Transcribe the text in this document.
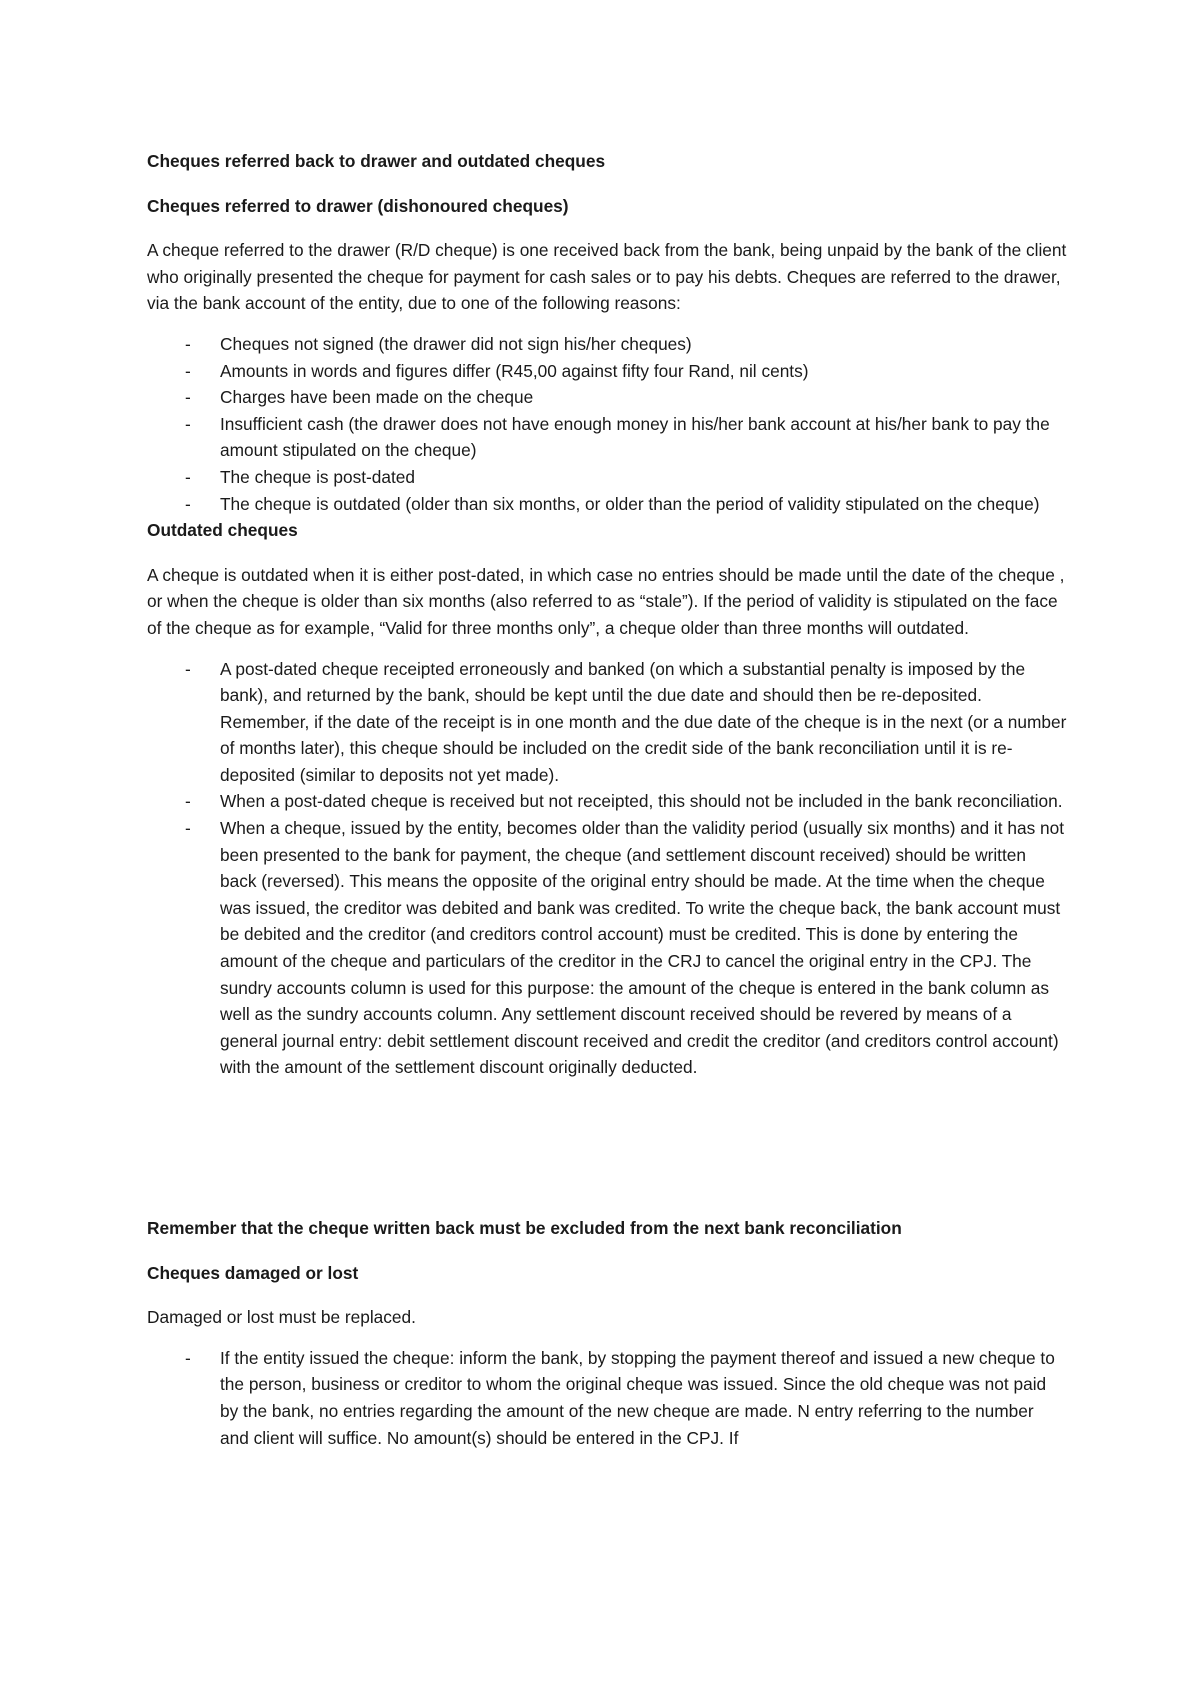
Cheques referred back to drawer and outdated cheques
Cheques referred to drawer (dishonoured cheques)
A cheque referred to the drawer (R/D cheque) is one received back from the bank, being unpaid by the bank of the client who originally presented the cheque for payment for cash sales or to pay his debts. Cheques are referred to the drawer, via the bank account of the entity, due to one of the following reasons:
- Cheques not signed (the drawer did not sign his/her cheques)
- Amounts in words and figures differ (R45,00 against fifty four Rand, nil cents)
- Charges have been made on the cheque
- Insufficient cash (the drawer does not have enough money in his/her bank account at his/her bank to pay the amount stipulated on the cheque)
- The cheque is post-dated
- The cheque is outdated (older than six months, or older than the period of validity stipulated on the cheque)
Outdated cheques
A cheque is outdated when it is either post-dated, in which case no entries should be made until the date of the cheque , or when the cheque is older than six months (also referred to as “stale”). If the period of validity is stipulated on the face of the cheque as for example, “Valid for three months only”, a cheque older than three months will outdated.
- A post-dated cheque receipted erroneously and banked (on which a substantial penalty is imposed by the bank), and returned by the bank, should be kept until the due date and should then be re-deposited. Remember, if the date of the receipt is in one month and the due date of the cheque is in the next (or a number of months later), this cheque should be included on the credit side of the bank reconciliation until it is re-deposited (similar to deposits not yet made).
- When a post-dated cheque is received but not receipted, this should not be included in the bank reconciliation.
- When a cheque, issued by the entity, becomes older than the validity period (usually six months) and it has not been presented to the bank for payment, the cheque (and settlement discount received) should be written back (reversed). This means the opposite of the original entry should be made. At the time when the cheque was issued, the creditor was debited and bank was credited. To write the cheque back, the bank account must be debited and the creditor (and creditors control account) must be credited. This is done by entering the amount of the cheque and particulars of the creditor in the CRJ to cancel the original entry in the CPJ. The sundry accounts column is used for this purpose: the amount of the cheque is entered in the bank column as well as the sundry accounts column. Any settlement discount received should be revered by means of a general journal entry: debit settlement discount received and credit the creditor (and creditors control account) with the amount of the settlement discount originally deducted.
Remember that the cheque written back must be excluded from the next bank reconciliation
Cheques damaged or lost
Damaged or lost must be replaced.
- If the entity issued the cheque: inform the bank, by stopping the payment thereof and issued a new cheque to the person, business or creditor to whom the original cheque was issued. Since the old cheque was not paid by the bank, no entries regarding the amount of the new cheque are made. N entry referring to the number and client will suffice. No amount(s) should be entered in the CPJ. If
